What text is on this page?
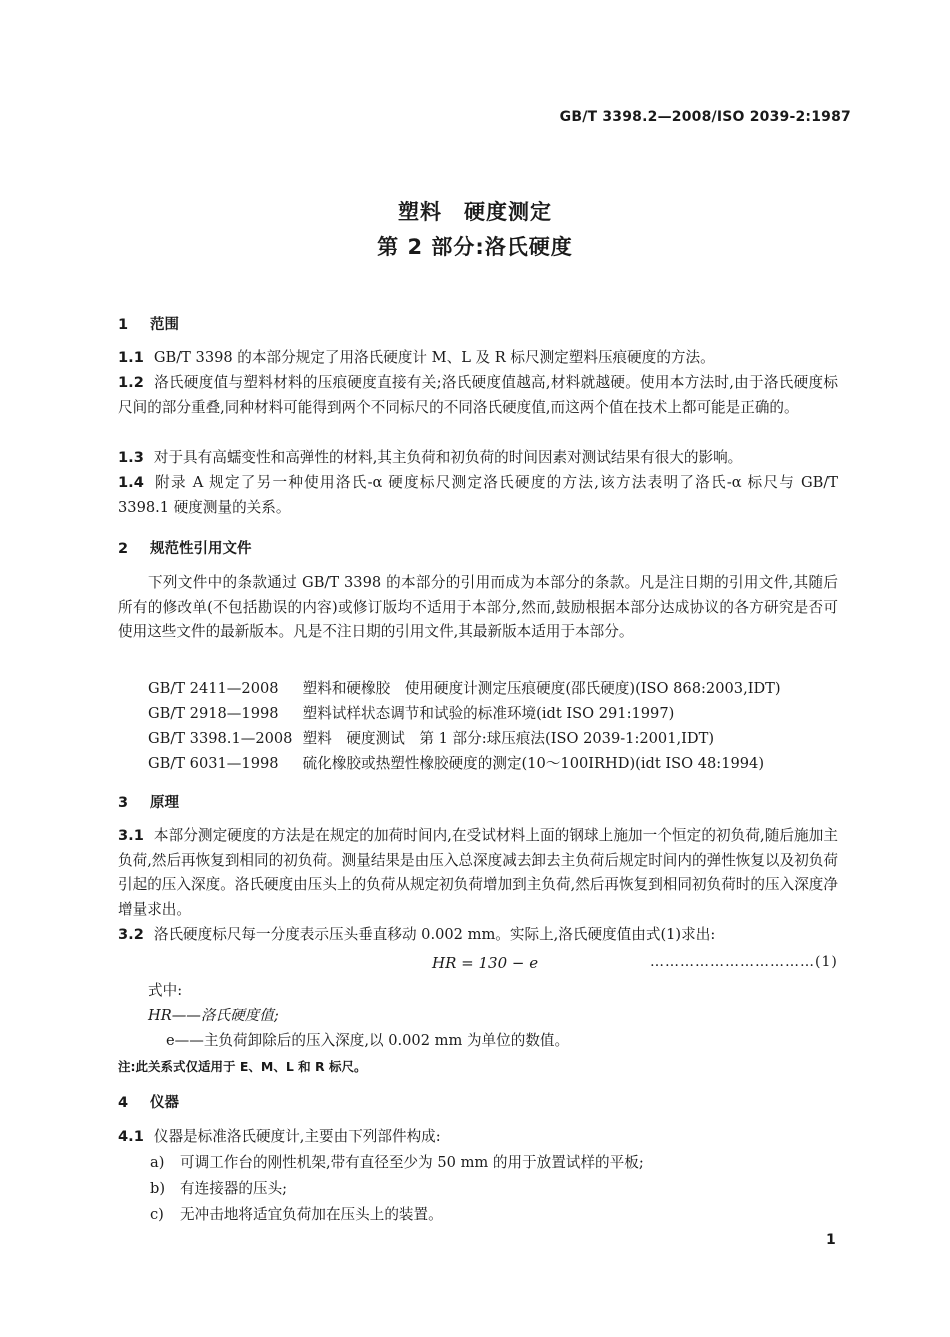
GB/T 3398.2—2008/ISO 2039-2:1987
塑料　硬度测定
第 2 部分:洛氏硬度
1 范围
1.1 GB/T 3398 的本部分规定了用洛氏硬度计 M、L 及 R 标尺测定塑料压痕硬度的方法。
1.2 洛氏硬度值与塑料材料的压痕硬度直接有关;洛氏硬度值越高,材料就越硬。使用本方法时,由于洛氏硬度标尺间的部分重叠,同种材料可能得到两个不同标尺的不同洛氏硬度值,而这两个值在技术上都可能是正确的。
1.3 对于具有高蠕变性和高弹性的材料,其主负荷和初负荷的时间因素对测试结果有很大的影响。
1.4 附录 A 规定了另一种使用洛氏-α 硬度标尺测定洛氏硬度的方法,该方法表明了洛氏-α 标尺与 GB/T 3398.1 硬度测量的关系。
2 规范性引用文件
下列文件中的条款通过 GB/T 3398 的本部分的引用而成为本部分的条款。凡是注日期的引用文件,其随后所有的修改单(不包括勘误的内容)或修订版均不适用于本部分,然而,鼓励根据本部分达成协议的各方研究是否可使用这些文件的最新版本。凡是不注日期的引用文件,其最新版本适用于本部分。
GB/T 2411—2008 塑料和硬橡胶　使用硬度计测定压痕硬度(邵氏硬度)(ISO 868:2003,IDT)
GB/T 2918—1998 塑料试样状态调节和试验的标准环境(idt ISO 291:1997)
GB/T 3398.1—2008 塑料　硬度测试　第 1 部分:球压痕法(ISO 2039-1:2001,IDT)
GB/T 6031—1998 硫化橡胶或热塑性橡胶硬度的测定(10～100IRHD)(idt ISO 48:1994)
3 原理
3.1 本部分测定硬度的方法是在规定的加荷时间内,在受试材料上面的钢球上施加一个恒定的初负荷,随后施加主负荷,然后再恢复到相同的初负荷。测量结果是由压入总深度减去卸去主负荷后规定时间内的弹性恢复以及初负荷引起的压入深度。洛氏硬度由压头上的负荷从规定初负荷增加到主负荷,然后再恢复到相同初负荷时的压入深度净增量求出。
3.2 洛氏硬度标尺每一分度表示压头垂直移动 0.002 mm。实际上,洛氏硬度值由式(1)求出:
HR = 130 − e	……………………………(1)
式中:
HR——洛氏硬度值;
e——主负荷卸除后的压入深度,以 0.002 mm 为单位的数值。
注:此关系式仅适用于 E、M、L 和 R 标尺。
4 仪器
4.1 仪器是标准洛氏硬度计,主要由下列部件构成:
a) 可调工作台的刚性机架,带有直径至少为 50 mm 的用于放置试样的平板;
b) 有连接器的压头;
c) 无冲击地将适宜负荷加在压头上的装置。
1
